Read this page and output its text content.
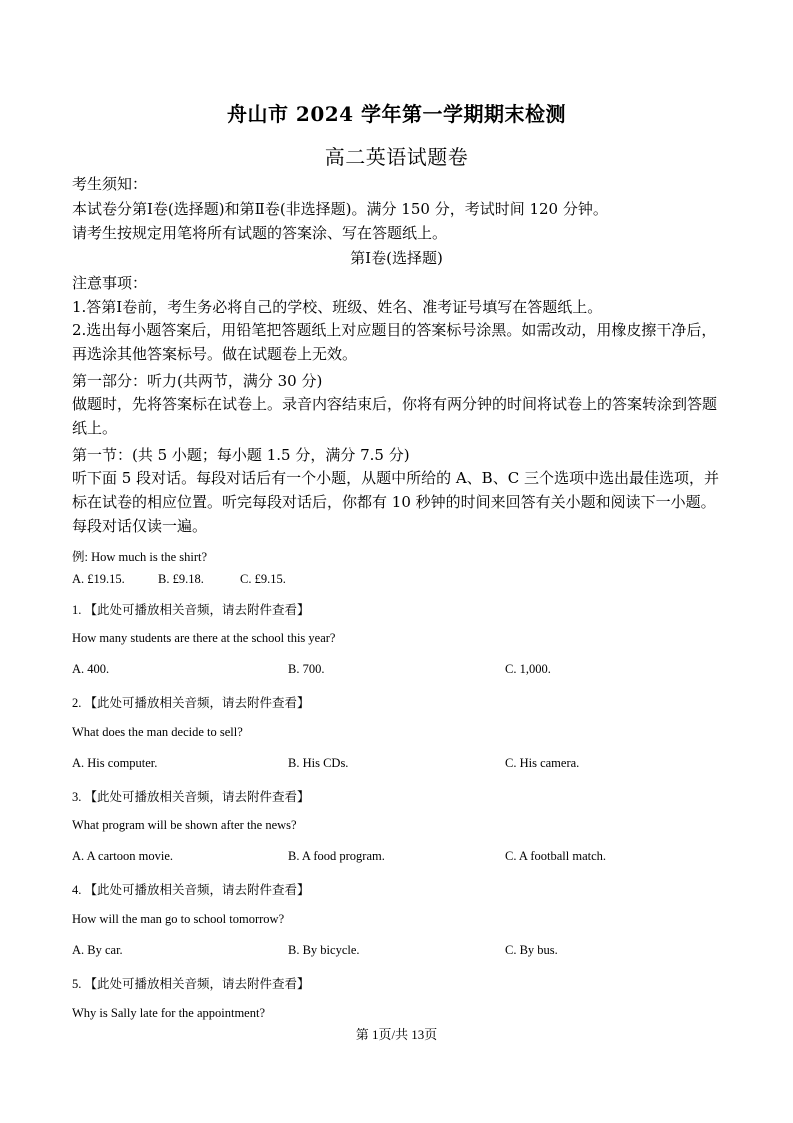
舟山市 2024 学年第一学期期末检测
高二英语试题卷
考生须知：
本试卷分第Ⅰ卷(选择题)和第Ⅱ卷(非选择题)。满分 150 分，考试时间 120 分钟。
请考生按规定用笔将所有试题的答案涂、写在答题纸上。
第Ⅰ卷(选择题)
注意事项：
1.答第Ⅰ卷前，考生务必将自己的学校、班级、姓名、准考证号填写在答题纸上。
2.选出每小题答案后，用铅笔把答题纸上对应题目的答案标号涂黑。如需改动，用橡皮擦干净后，再选涂其他答案标号。做在试题卷上无效。
第一部分：听力(共两节，满分 30 分)
做题时，先将答案标在试卷上。录音内容结束后，你将有两分钟的时间将试卷上的答案转涂到答题纸上。
第一节：(共 5 小题；每小题 1.5 分，满分 7.5 分)
听下面 5 段对话。每段对话后有一个小题，从题中所给的 A、B、C 三个选项中选出最佳选项，并标在试卷的相应位置。听完每段对话后，你都有 10 秒钟的时间来回答有关小题和阅读下一小题。每段对话仅读一遍。
例: How much is the shirt?
A. £19.15.	B. £9.18.	C. £9.15.
1. 【此处可播放相关音频，请去附件查看】
How many students are there at the school this year?
A. 400.	B. 700.	C. 1,000.
2. 【此处可播放相关音频，请去附件查看】
What does the man decide to sell?
A. His computer.	B. His CDs.	C. His camera.
3. 【此处可播放相关音频，请去附件查看】
What program will be shown after the news?
A. A cartoon movie.	B. A food program.	C. A football match.
4. 【此处可播放相关音频，请去附件查看】
How will the man go to school tomorrow?
A. By car.	B. By bicycle.	C. By bus.
5. 【此处可播放相关音频，请去附件查看】
Why is Sally late for the appointment?
第 1页/共 13页
